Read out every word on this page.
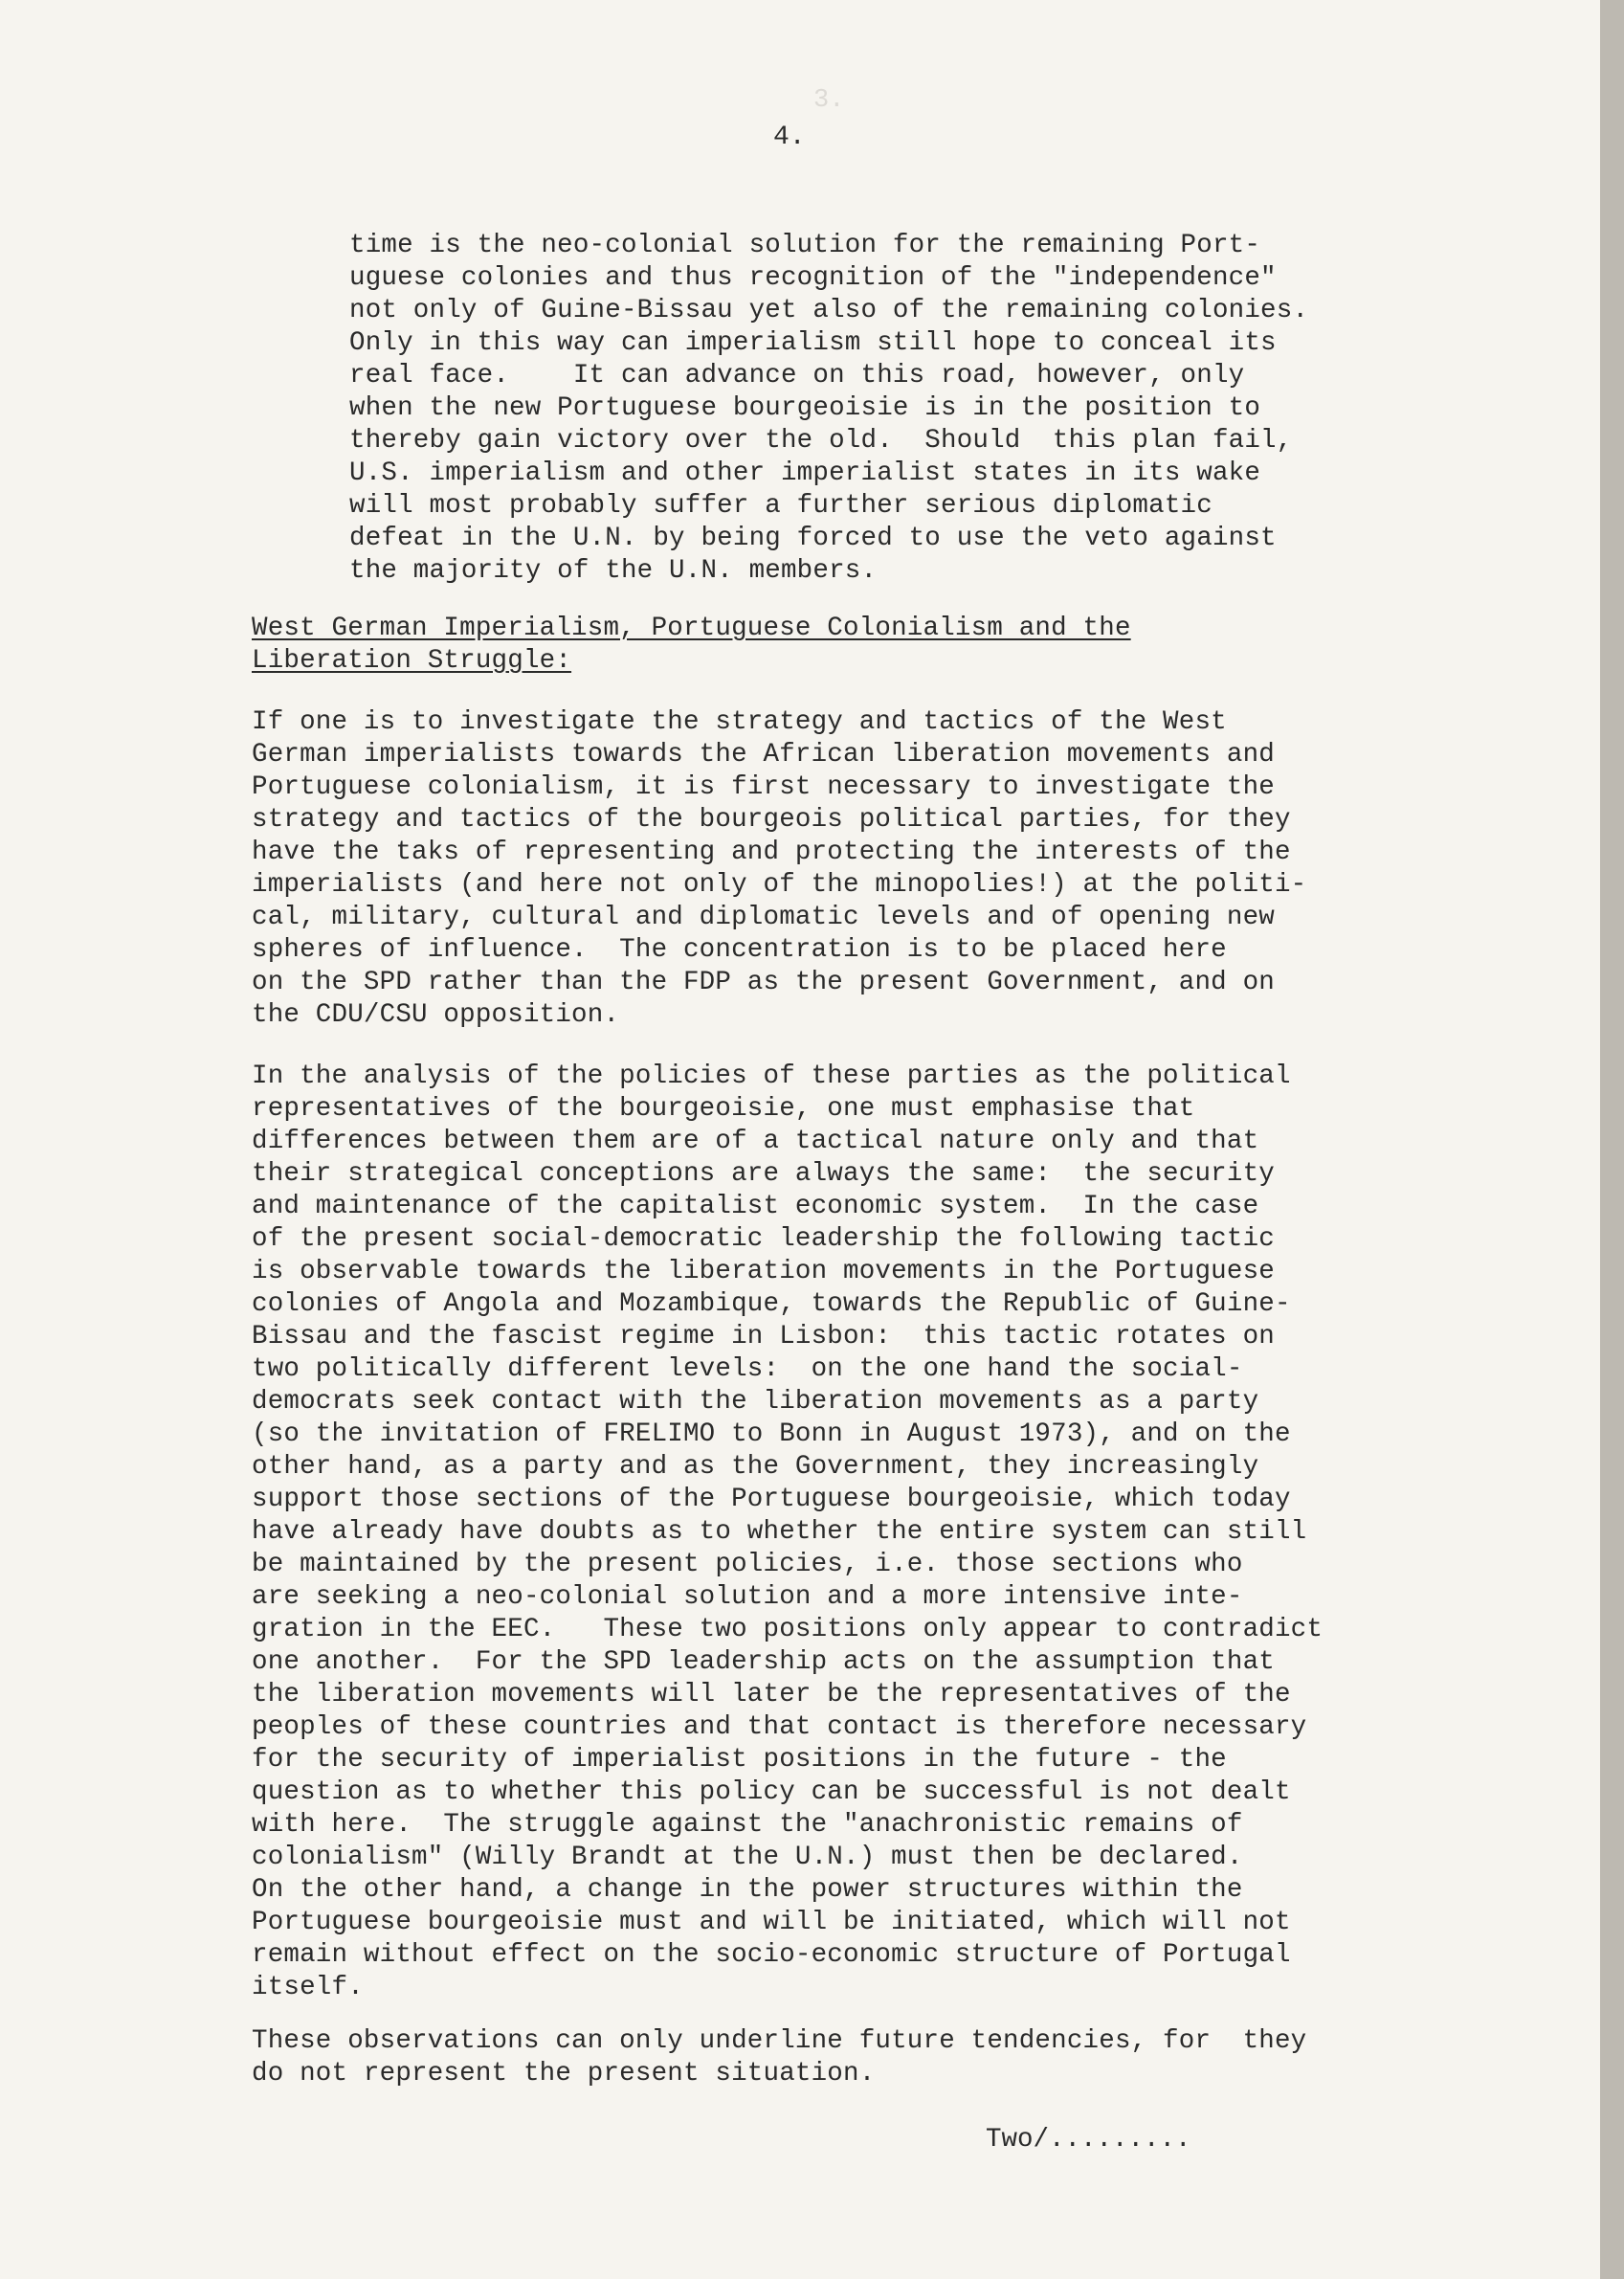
3.
4.
time is the neo-colonial solution for the remaining Port-
uguese colonies and thus recognition of the "independence"
not only of Guine-Bissau yet also of the remaining colonies.
Only in this way can imperialism still hope to conceal its
real face.    It can advance on this road, however, only
when the new Portuguese bourgeoisie is in the position to
thereby gain victory over the old.  Should  this plan fail,
U.S. imperialism and other imperialist states in its wake
will most probably suffer a further serious diplomatic
defeat in the U.N. by being forced to use the veto against
the majority of the U.N. members.
West German Imperialism, Portuguese Colonialism and the
Liberation Struggle:
If one is to investigate the strategy and tactics of the West
German imperialists towards the African liberation movements and
Portuguese colonialism, it is first necessary to investigate the
strategy and tactics of the bourgeois political parties, for they
have the taks of representing and protecting the interests of the
imperialists (and here not only of the minopolies!) at the politi-
cal, military, cultural and diplomatic levels and of opening new
spheres of influence.  The concentration is to be placed here
on the SPD rather than the FDP as the present Government, and on
the CDU/CSU opposition.
In the analysis of the policies of these parties as the political
representatives of the bourgeoisie, one must emphasise that
differences between them are of a tactical nature only and that
their strategical conceptions are always the same:  the security
and maintenance of the capitalist economic system.  In the case
of the present social-democratic leadership the following tactic
is observable towards the liberation movements in the Portuguese
colonies of Angola and Mozambique, towards the Republic of Guine-
Bissau and the fascist regime in Lisbon:  this tactic rotates on
two politically different levels:  on the one hand the social-
democrats seek contact with the liberation movements as a party
(so the invitation of FRELIMO to Bonn in August 1973), and on the
other hand, as a party and as the Government, they increasingly
support those sections of the Portuguese bourgeoisie, which today
have already have doubts as to whether the entire system can still
be maintained by the present policies, i.e. those sections who
are seeking a neo-colonial solution and a more intensive inte-
gration in the EEC.   These two positions only appear to contradict
one another.  For the SPD leadership acts on the assumption that
the liberation movements will later be the representatives of the
peoples of these countries and that contact is therefore necessary
for the security of imperialist positions in the future - the
question as to whether this policy can be successful is not dealt
with here.  The struggle against the "anachronistic remains of
colonialism" (Willy Brandt at the U.N.) must then be declared.
On the other hand, a change in the power structures within the
Portuguese bourgeoisie must and will be initiated, which will not
remain without effect on the socio-economic structure of Portugal
itself.
These observations can only underline future tendencies, for  they
do not represent the present situation.
Two/.........
